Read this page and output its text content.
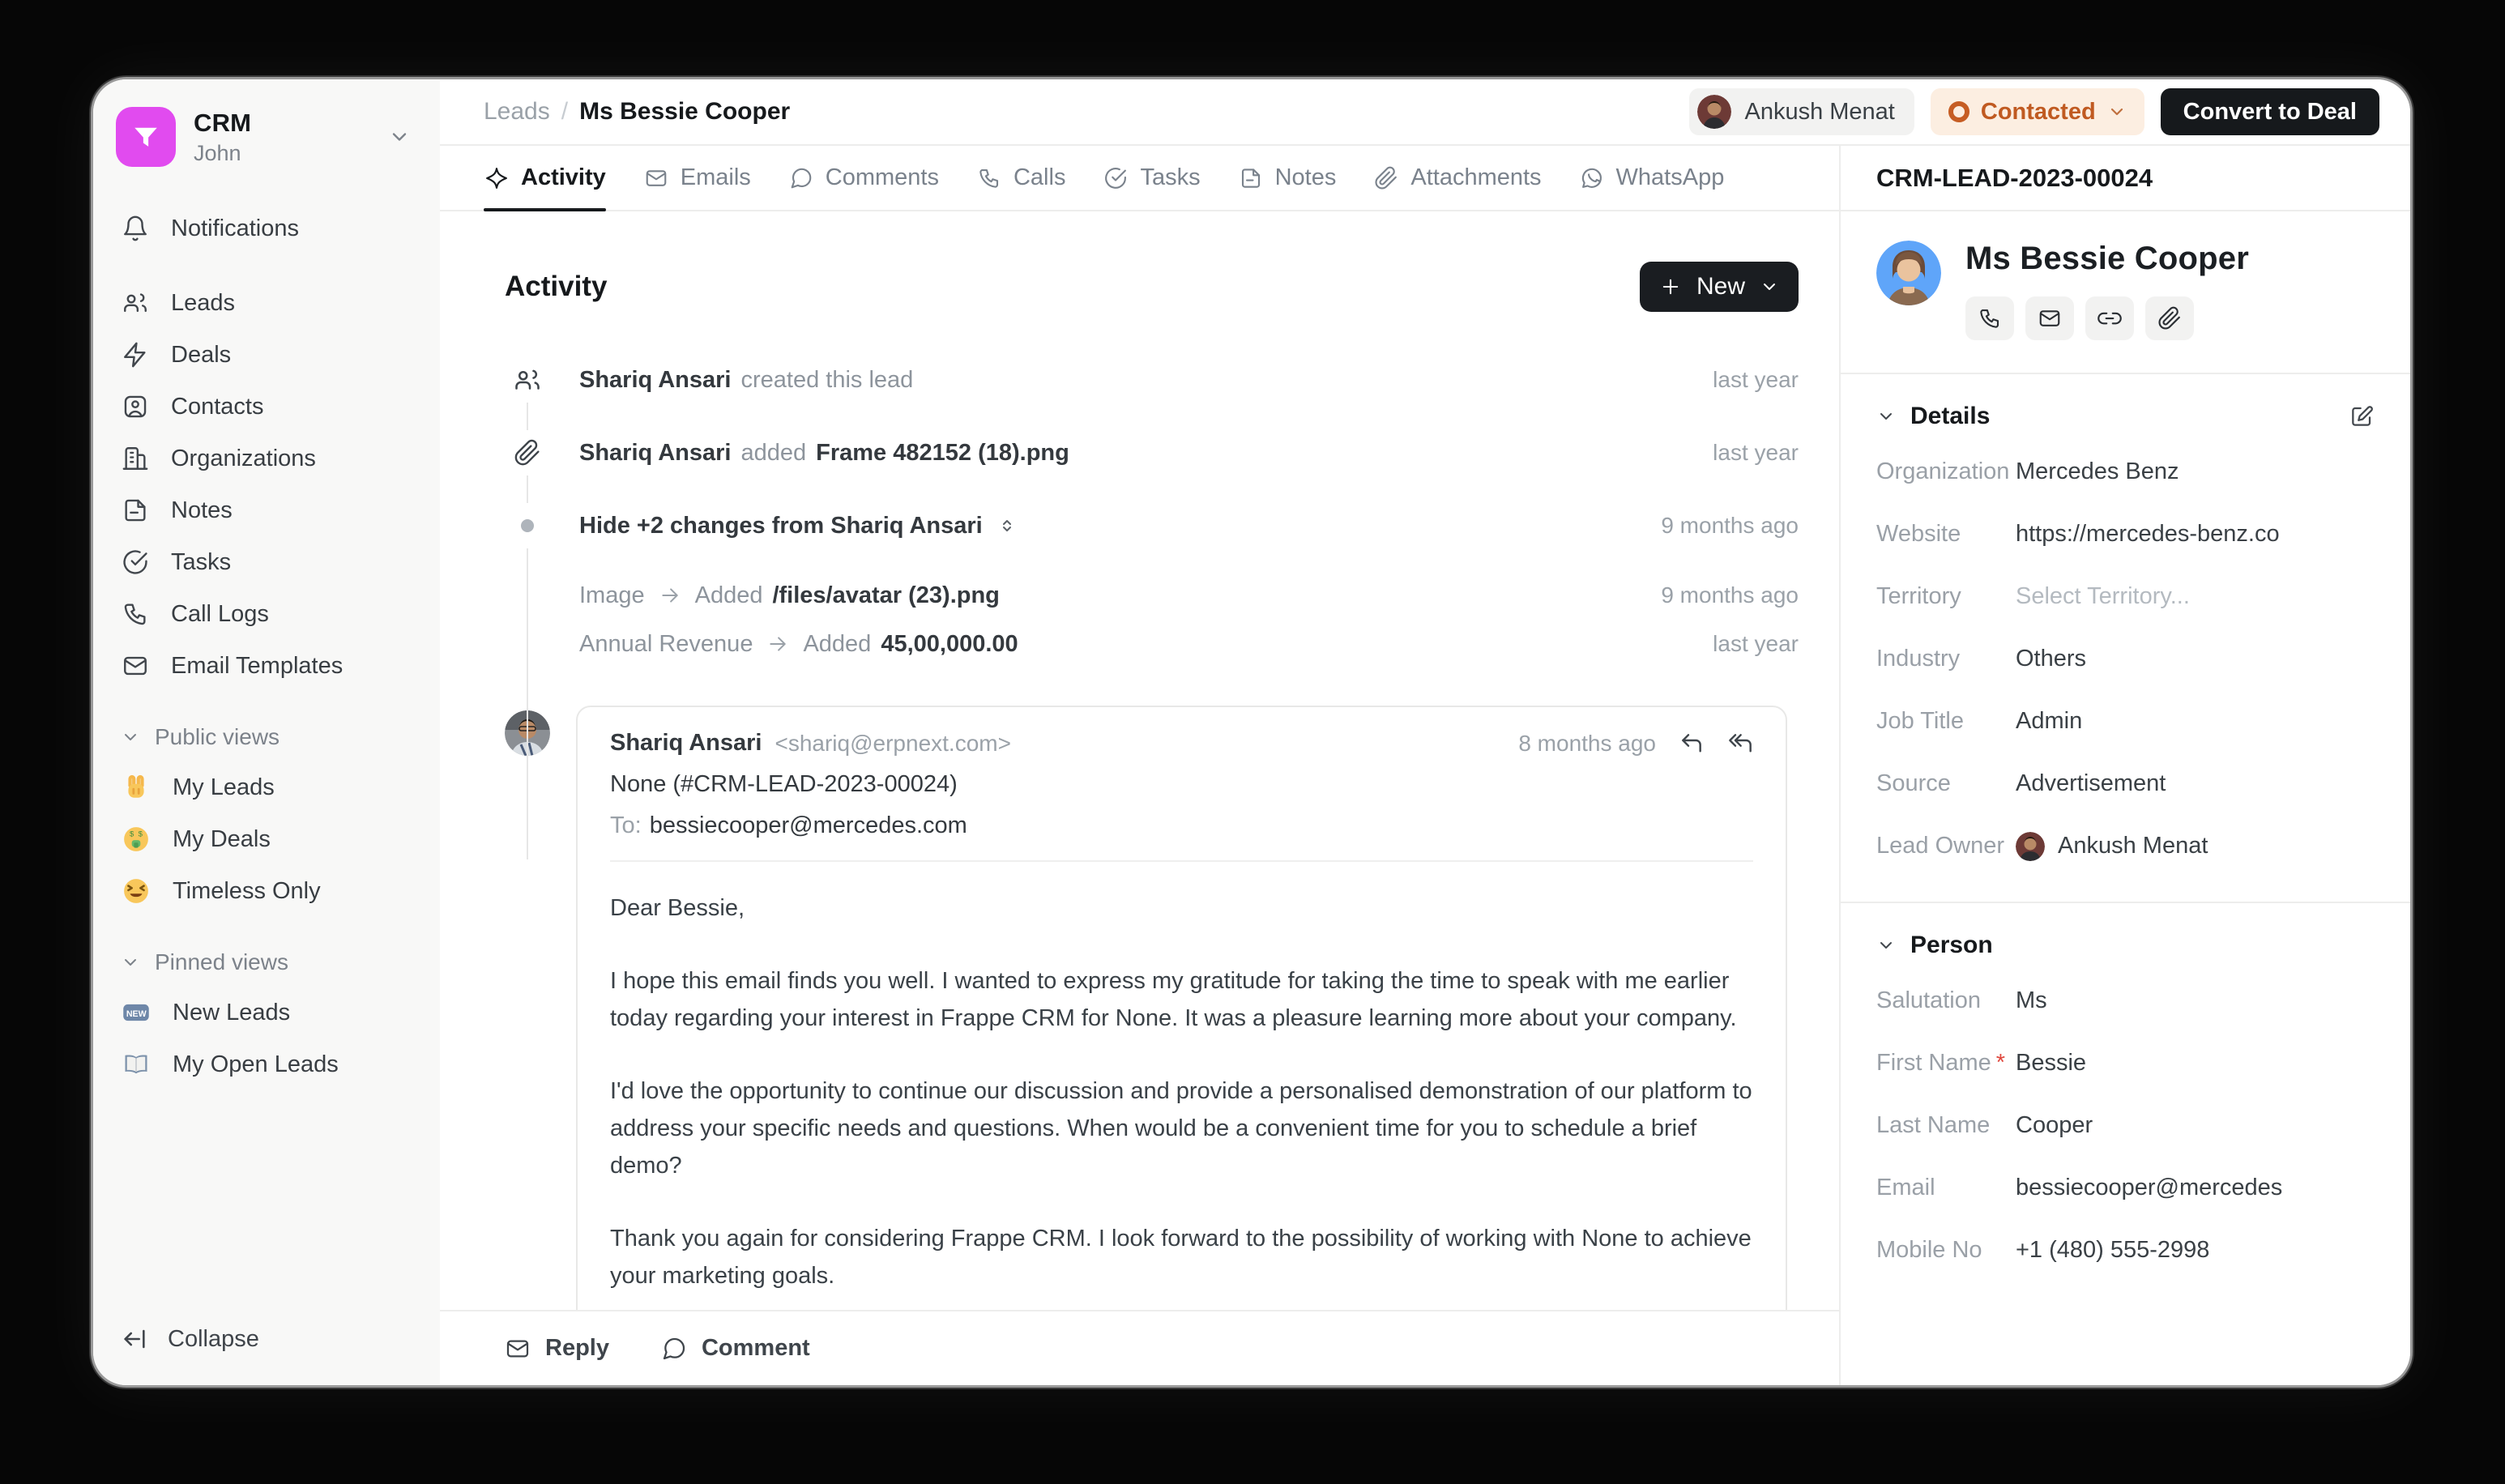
CRM
John
Notifications
Leads
Deals
Contacts
Organizations
Notes
Tasks
Call Logs
Email Templates
Public views
My Leads
$ $ My Deals
Timeless Only
Pinned views
NEW New Leads
My Open Leads
Collapse
Leads / Ms Bessie Cooper	Ankush Menat	Contacted	Convert to Deal
Activity	Emails	Comments	Calls	Tasks	Notes	Attachments	WhatsApp
Activity	New
Shariq Ansari created this lead	last year
Shariq Ansari added Frame 482152 (18).png	last year
Hide +2 changes from Shariq Ansari	9 months ago
Image Added /files/avatar (23).png	9 months ago
Annual Revenue Added 45,00,000.00	last year
Shariq Ansari <shariq@erpnext.com>	8 months ago
None (#CRM-LEAD-2023-00024)
To: bessiecooper@mercedes.com

Dear Bessie,

I hope this email finds you well. I wanted to express my gratitude for taking the time to speak with me earlier today regarding your interest in Frappe CRM for None. It was a pleasure learning more about your company.

I'd love the opportunity to continue our discussion and provide a personalised demonstration of our platform to address your specific needs and questions. When would be a convenient time for you to schedule a brief demo?

Thank you again for considering Frappe CRM. I look forward to the possibility of working with None to achieve your marketing goals.

Reply	Comment
CRM-LEAD-2023-00024
Ms Bessie Cooper
Details
Organization Mercedes Benz
Website	https://mercedes-benz.co
Territory	Select Territory...
Industry	Others
Job Title	Admin
Source	Advertisement
Lead Owner	Ankush Menat
Person
Salutation	Ms
First Name * Bessie
Last Name	Cooper
Email	bessiecooper@mercedes
Mobile No	+1 (480) 555-2998
